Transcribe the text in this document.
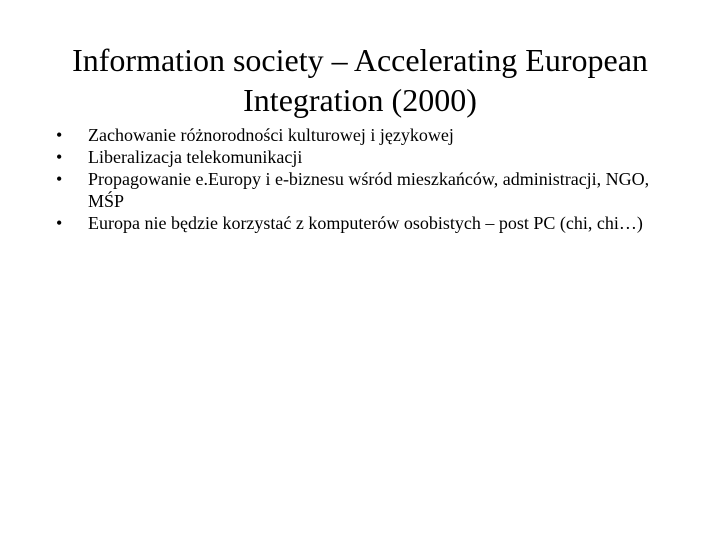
Information society – Accelerating European Integration (2000)
•	Zachowanie różnorodności kulturowej i językowej
•	Liberalizacja telekomunikacji
•	Propagowanie e.Europy i e-biznesu wśród mieszkańców, administracji, NGO, MŚP
•	Europa nie będzie korzystać z komputerów osobistych – post PC (chi, chi…)
